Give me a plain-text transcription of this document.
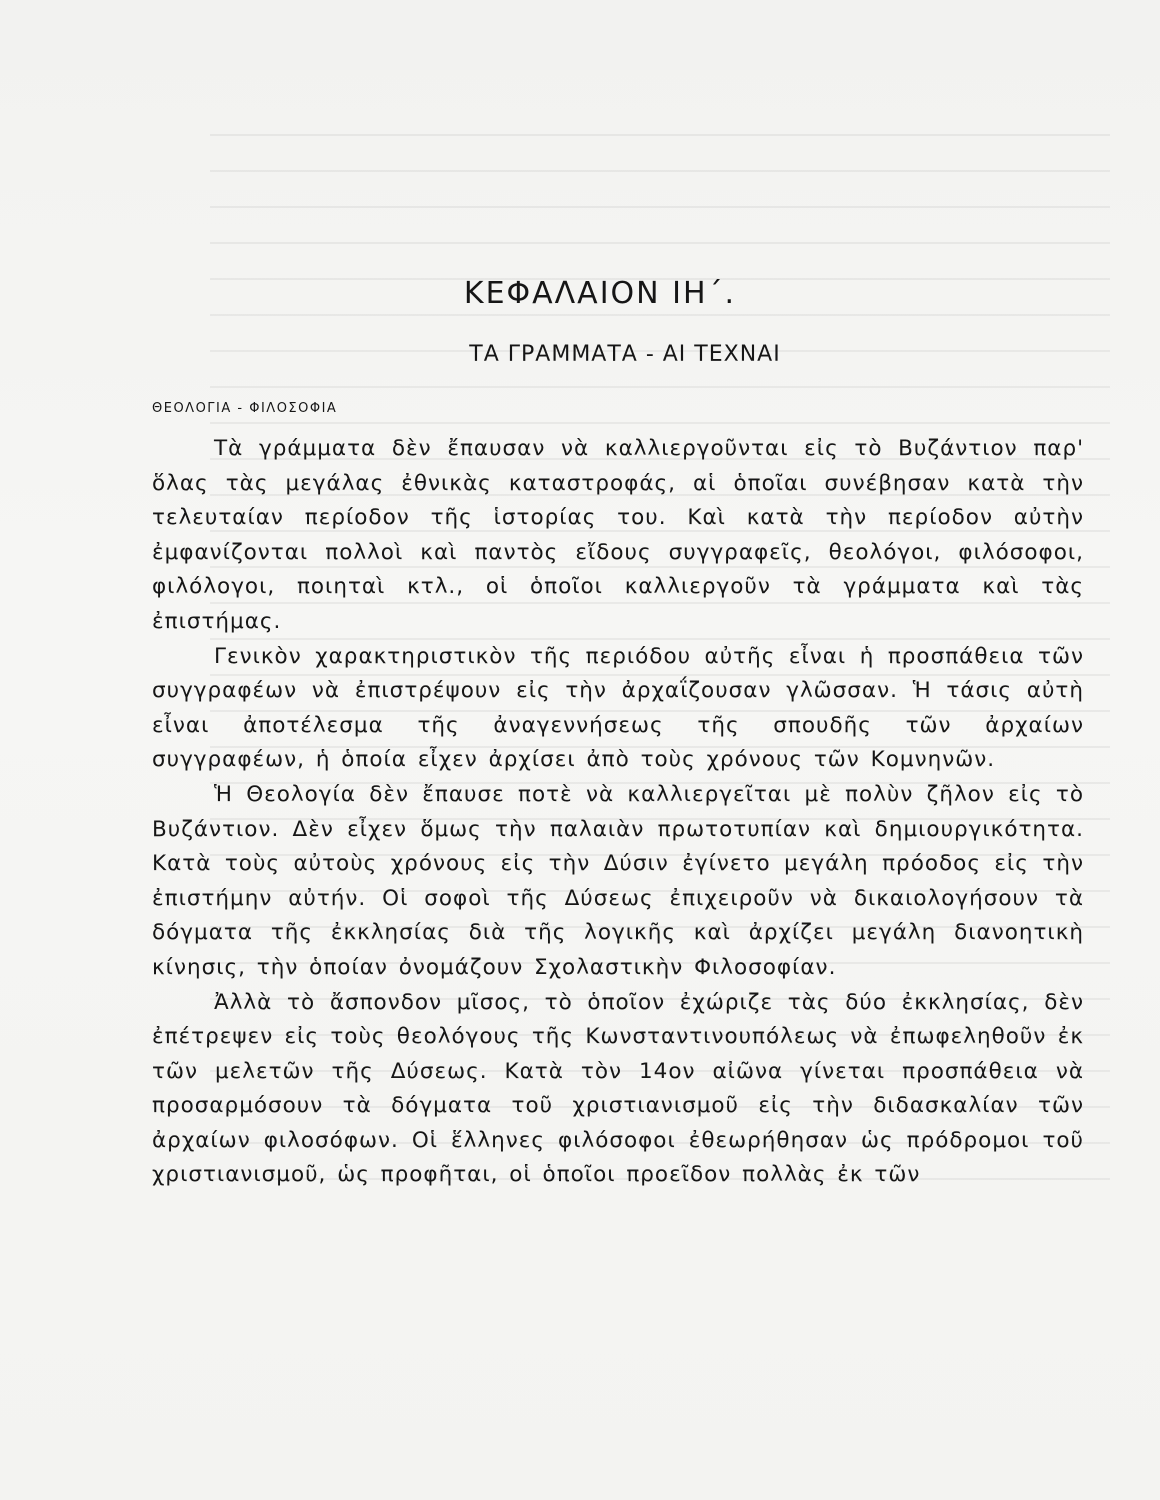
ΚΕΦΑΛΑΙΟΝ ΙΗ΄.
ΤΑ ΓΡΑΜΜΑΤΑ - ΑΙ ΤΕΧΝΑΙ
ΘΕΟΛΟΓΙΑ - ΦΙΛΟΣΟΦΙΑ

Τὰ γράμματα δὲν ἔπαυσαν νὰ καλλιεργοῦνται εἰς τὸ Βυζάντιον παρ' ὅλας τὰς μεγάλας ἐθνικὰς καταστροφάς, αἱ ὁποῖαι συνέβησαν κατὰ τὴν τελευταίαν περίοδον τῆς ἱστορίας του. Καὶ κατὰ τὴν περίοδον αὐτὴν ἐμφανίζονται πολλοὶ καὶ παντὸς εἴδους συγγραφεῖς, θεολόγοι, φιλόσοφοι, φιλόλογοι, ποιηταὶ κτλ., οἱ ὁποῖοι καλλιεργοῦν τὰ γράμματα καὶ τὰς ἐπιστήμας.

Γενικὸν χαρακτηριστικὸν τῆς περιόδου αὐτῆς εἶναι ἡ προσπάθεια τῶν συγγραφέων νὰ ἐπιστρέψουν εἰς τὴν ἀρχαΐζουσαν γλῶσσαν. Ἡ τάσις αὐτὴ εἶναι ἀποτέλεσμα τῆς ἀναγεννήσεως τῆς σπουδῆς τῶν ἀρχαίων συγγραφέων, ἡ ὁποία εἶχεν ἀρχίσει ἀπὸ τοὺς χρόνους τῶν Κομνηνῶν.

Ἡ Θεολογία δὲν ἔπαυσε ποτὲ νὰ καλλιεργεῖται μὲ πολὺν ζῆλον εἰς τὸ Βυζάντιον. Δὲν εἶχεν ὅμως τὴν παλαιὰν πρωτοτυπίαν καὶ δημιουργικότητα. Κατὰ τοὺς αὐτοὺς χρόνους εἰς τὴν Δύσιν ἐγίνετο μεγάλη πρόοδος εἰς τὴν ἐπιστήμην αὐτήν. Οἱ σοφοὶ τῆς Δύσεως ἐπιχειροῦν νὰ δικαιολογήσουν τὰ δόγματα τῆς ἐκκλησίας διὰ τῆς λογικῆς καὶ ἀρχίζει μεγάλη διανοητικὴ κίνησις, τὴν ὁποίαν ὀνομάζουν Σχολαστικὴν Φιλοσοφίαν.

Ἀλλὰ τὸ ἄσπονδον μῖσος, τὸ ὁποῖον ἐχώριζε τὰς δύο ἐκκλησίας, δὲν ἐπέτρεψεν εἰς τοὺς θεολόγους τῆς Κωνσταντινουπόλεως νὰ ἐπωφεληθοῦν ἐκ τῶν μελετῶν τῆς Δύσεως. Κατὰ τὸν 14ον αἰῶνα γίνεται προσπάθεια νὰ προσαρμόσουν τὰ δόγματα τοῦ χριστιανισμοῦ εἰς τὴν διδασκαλίαν τῶν ἀρχαίων φιλοσόφων. Οἱ ἕλληνες φιλόσοφοι ἐθεωρήθησαν ὡς πρόδρομοι τοῦ χριστιανισμοῦ, ὡς προφῆται, οἱ ὁποῖοι προεῖδον πολλὰς ἐκ τῶν
